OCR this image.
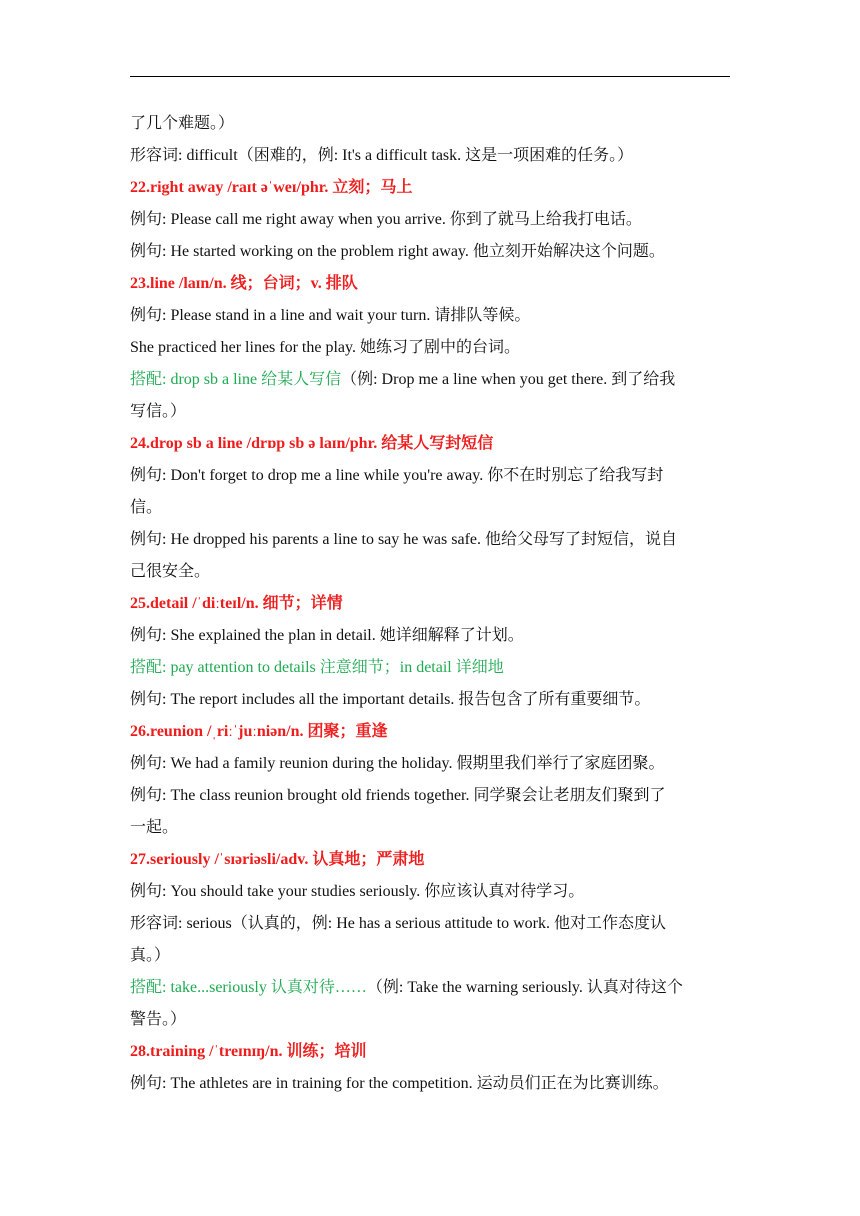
了几个难题。）
形容词: difficult（困难的，例: It's a difficult task. 这是一项困难的任务。）
22.right away /raɪt əˈweɪ/phr. 立刻；马上
例句: Please call me right away when you arrive. 你到了就马上给我打电话。
例句: He started working on the problem right away. 他立刻开始解决这个问题。
23.line /laɪn/n. 线；台词；v. 排队
例句: Please stand in a line and wait your turn. 请排队等候。
She practiced her lines for the play. 她练习了剧中的台词。
搭配: drop sb a line 给某人写信（例: Drop me a line when you get there. 到了给我
写信。）
24.drop sb a line /drɒp sb ə laɪn/phr. 给某人写封短信
例句: Don't forget to drop me a line while you're away. 你不在时别忘了给我写封
信。
例句: He dropped his parents a line to say he was safe. 他给父母写了封短信，说自
己很安全。
25.detail /ˈdiːteɪl/n. 细节；详情
例句: She explained the plan in detail. 她详细解释了计划。
搭配: pay attention to details 注意细节；in detail 详细地
例句: The report includes all the important details. 报告包含了所有重要细节。
26.reunion /ˌriːˈjuːniən/n. 团聚；重逢
例句: We had a family reunion during the holiday. 假期里我们举行了家庭团聚。
例句: The class reunion brought old friends together. 同学聚会让老朋友们聚到了
一起。
27.seriously /ˈsɪəriəsli/adv. 认真地；严肃地
例句: You should take your studies seriously. 你应该认真对待学习。
形容词: serious（认真的，例: He has a serious attitude to work. 他对工作态度认
真。）
搭配: take...seriously 认真对待……（例: Take the warning seriously. 认真对待这个
警告。）
28.training /ˈtreɪnɪŋ/n. 训练；培训
例句: The athletes are in training for the competition. 运动员们正在为比赛训练。
